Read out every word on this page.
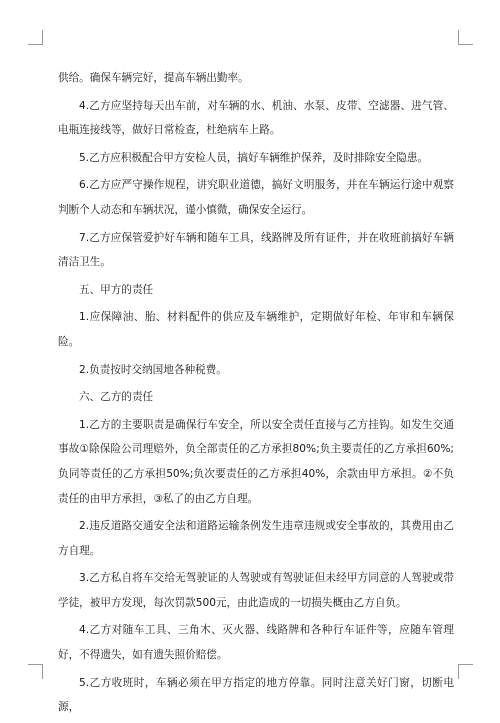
供给。确保车辆完好，提高车辆出勤率。

4.乙方应坚持每天出车前，对车辆的水、机油、水泵、皮带、空滤器、进气管、电瓶连接线等，做好日常检查，杜绝病车上路。

5.乙方应积极配合甲方安检人员，搞好车辆维护保养，及时排除安全隐患。

6.乙方应严守操作规程，讲究职业道德，搞好文明服务，并在车辆运行途中观察判断个人动态和车辆状况，谨小慎微，确保安全运行。

7.乙方应保管爱护好车辆和随车工具，线路牌及所有证件，并在收班前搞好车辆清洁卫生。

五、甲方的责任

1.应保障油、胎、材料配件的供应及车辆维护，定期做好年检、年审和车辆保险。

2.负责按时交纳国地各种税费。

六、乙方的责任

1.乙方的主要职责是确保行车安全，所以安全责任直接与乙方挂钩。如发生交通事故①除保险公司理赔外，负全部责任的乙方承担80%;负主要责任的乙方承担60%;负同等责任的乙方承担50%;负次要责任的乙方承担40%，余款由甲方承担。②不负责任的由甲方承担，③私了的由乙方自理。

2.违反道路交通安全法和道路运输条例发生违章违规或安全事故的，其费用由乙方自理。

3.乙方私自将车交给无驾驶证的人驾驶或有驾驶证但未经甲方同意的人驾驶或带学徒，被甲方发现，每次罚款500元，由此造成的一切损失概由乙方自负。

4.乙方对随车工具、三角木、灭火器、线路牌和各种行车证件等，应随车管理好，不得遗失，如有遗失照价赔偿。

5.乙方收班时，车辆必须在甲方指定的地方停靠。同时注意关好门窗，切断电源，
